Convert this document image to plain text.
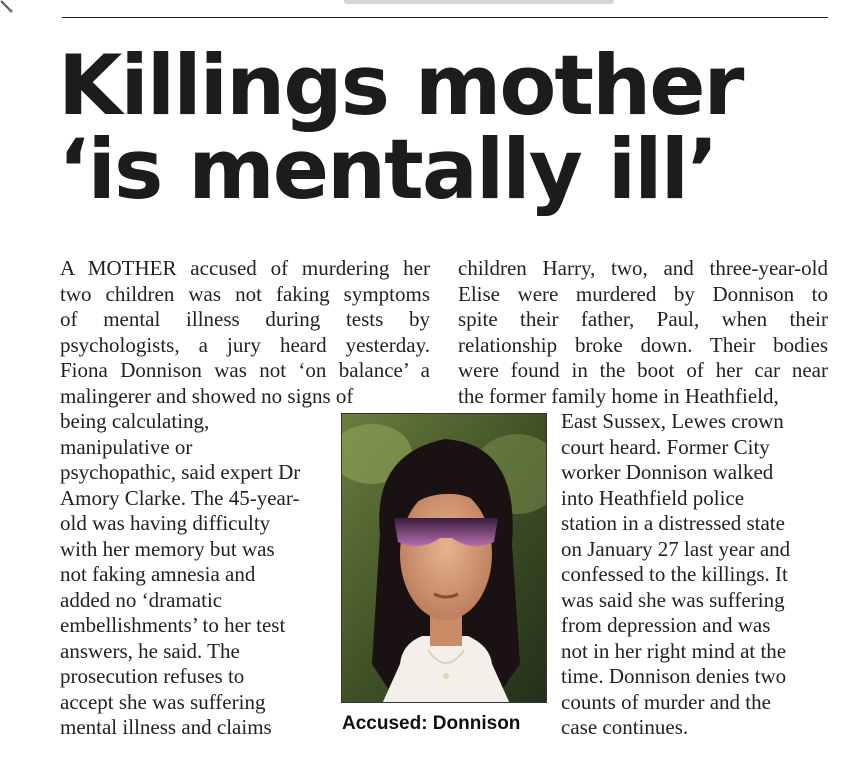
Killings mother
‘is mentally ill’
A MOTHER accused of murdering her
two children was not faking symptoms
of mental illness during tests by
psychologists, a jury heard yesterday.
Fiona Donnison was not ‘on balance’ a
malingerer and showed no signs of
being calculating,
manipulative or
psychopathic, said expert Dr
Amory Clarke. The 45-year-
old was having difficulty
with her memory but was
not faking amnesia and
added no ‘dramatic
embellishments’ to her test
answers, he said. The
prosecution refuses to
accept she was suffering
mental illness and claims
children Harry, two, and three-year-old
Elise were murdered by Donnison to
spite their father, Paul, when their
relationship broke down. Their bodies
were found in the boot of her car near
the former family home in Heathfield,
East Sussex, Lewes crown
court heard. Former City
worker Donnison walked
into Heathfield police
station in a distressed state
on January 27 last year and
confessed to the killings. It
was said she was suffering
from depression and was
not in her right mind at the
time. Donnison denies two
counts of murder and the
case continues.
Accused: Donnison
